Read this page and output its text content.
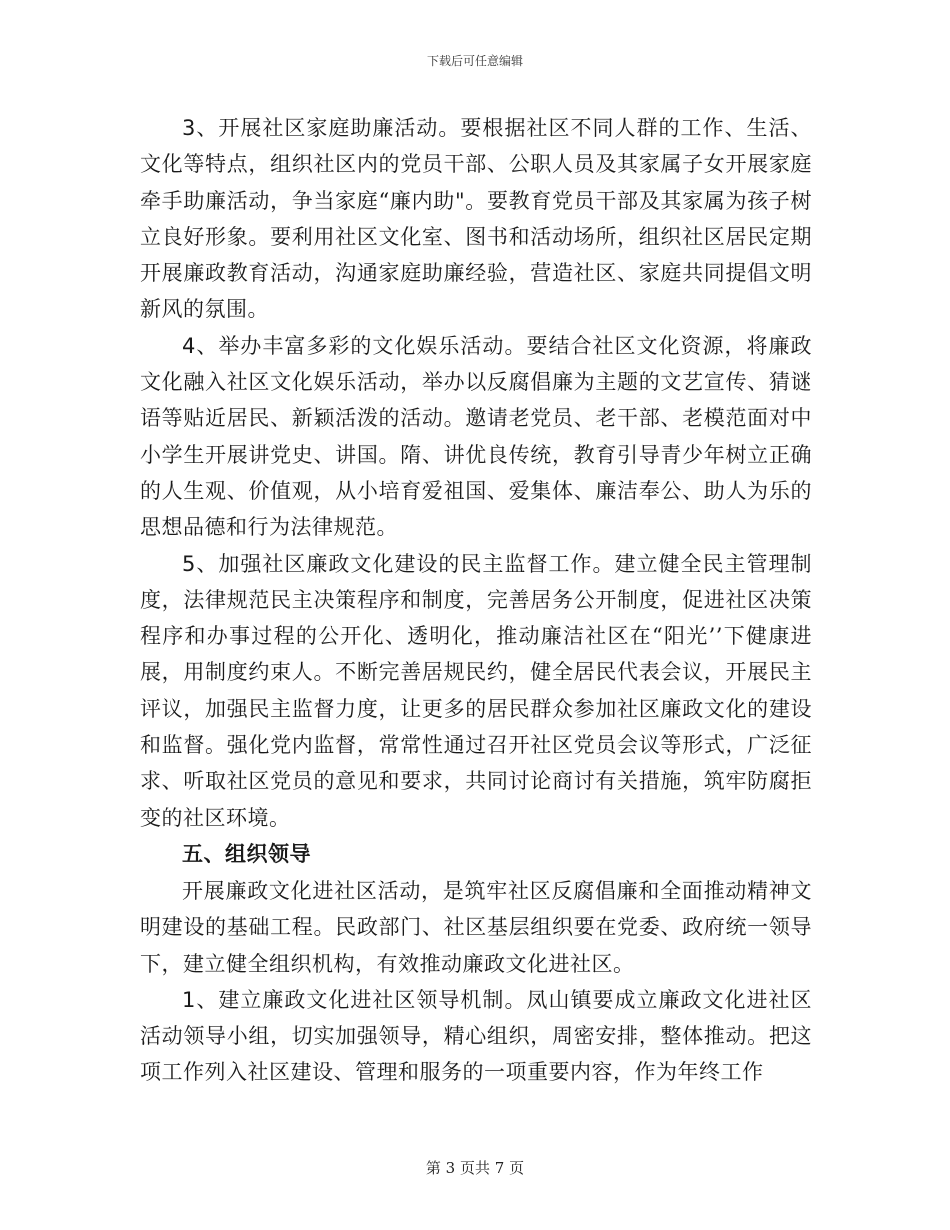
下载后可任意编辑

3、开展社区家庭助廉活动。要根据社区不同人群的工作、生活、文化等特点，组织社区内的党员干部、公职人员及其家属子女开展家庭牵手助廉活动，争当家庭“廉内助"。要教育党员干部及其家属为孩子树立良好形象。要利用社区文化室、图书和活动场所，组织社区居民定期开展廉政教育活动，沟通家庭助廉经验，营造社区、家庭共同提倡文明新风的氛围。

4、举办丰富多彩的文化娱乐活动。要结合社区文化资源，将廉政文化融入社区文化娱乐活动，举办以反腐倡廉为主题的文艺宣传、猜谜语等贴近居民、新颖活泼的活动。邀请老党员、老干部、老模范面对中小学生开展讲党史、讲国。隋、讲优良传统，教育引导青少年树立正确的人生观、价值观，从小培育爱祖国、爱集体、廉洁奉公、助人为乐的思想品德和行为法律规范。

5、加强社区廉政文化建设的民主监督工作。建立健全民主管理制度，法律规范民主决策程序和制度，完善居务公开制度，促进社区决策程序和办事过程的公开化、透明化，推动廉洁社区在“阳光’’下健康进展，用制度约束人。不断完善居规民约，健全居民代表会议，开展民主评议，加强民主监督力度，让更多的居民群众参加社区廉政文化的建设和监督。强化党内监督，常常性通过召开社区党员会议等形式，广泛征求、听取社区党员的意见和要求，共同讨论商讨有关措施，筑牢防腐拒变的社区环境。

五、组织领导

开展廉政文化进社区活动，是筑牢社区反腐倡廉和全面推动精神文明建设的基础工程。民政部门、社区基层组织要在党委、政府统一领导下，建立健全组织机构，有效推动廉政文化进社区。

1、建立廉政文化进社区领导机制。凤山镇要成立廉政文化进社区活动领导小组，切实加强领导，精心组织，周密安排，整体推动。把这项工作列入社区建设、管理和服务的一项重要内容，作为年终工作

第 3 页共 7 页
